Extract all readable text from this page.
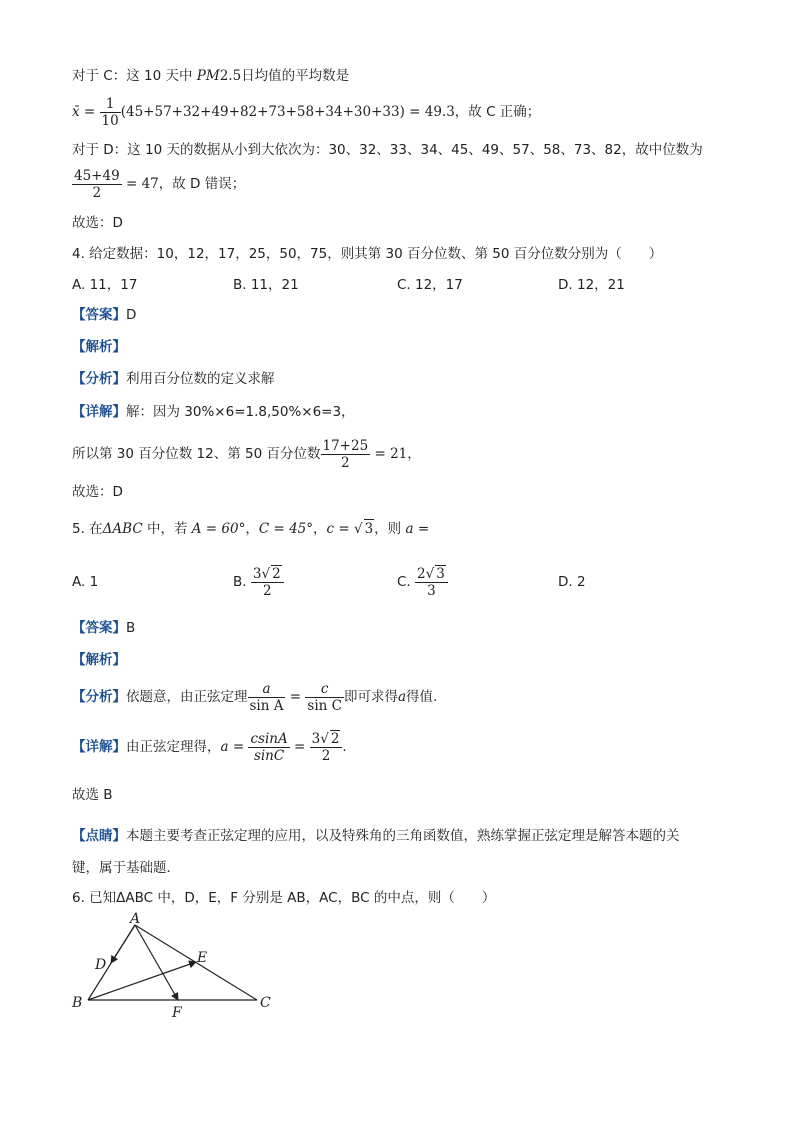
对于 C：这 10 天中 PM2.5日均值的平均数是
x̄ = $\frac{1}{10} (45+57+32+49+82+73+58+34+30+33) = 49.3$，故 C 正确；
对于 D：这 10 天的数据从小到大依次为：30、32、33、34、45、49、57、58、73、82，故中位数为
$\frac{45+49}{2} = 47$，故 D 错误；
故选：D
4. 给定数据：10，12，17，25，50，75，则其第 30 百分位数、第 50 百分位数分别为（　　）
A. 11，17	B. 11，21	C. 12，17	D. 12，21
【答案】D
【解析】
【分析】利用百分位数的定义求解
【详解】解：因为 30%×6=1.8,50%×6=3，
所以第 30 百分位数 12、第 50 百分位数 $\frac{17+25}{2} = 21$，
故选：D
5. 在ΔABC 中，若 A = 60°，C = 45°，c = √ 3，则 a =
A. 1	B. $\frac{3√ 2}{2}$	C. $\frac{2√ 3}{3}$	D. 2
【答案】B
【解析】
【分析】依题意，由正弦定理 $\frac{a}{\text{sin A}} = \frac{c}{\text{sin C}}$ 即可求得a得值.
【详解】由正弦定理得，$a = \frac{csinA}{\sin C} = \frac{3√ 2}{2}$ .
故选 B
【点睛】本题主要考查正弦定理的应用，以及特殊角的三角函数值，熟练掌握正弦定理是解答本题的关
键，属于基础题．
6. 已知ΔABC 中，D，E，F 分别是 AB，AC，BC 的中点，则（　　）
A
B	C
D	E
F
